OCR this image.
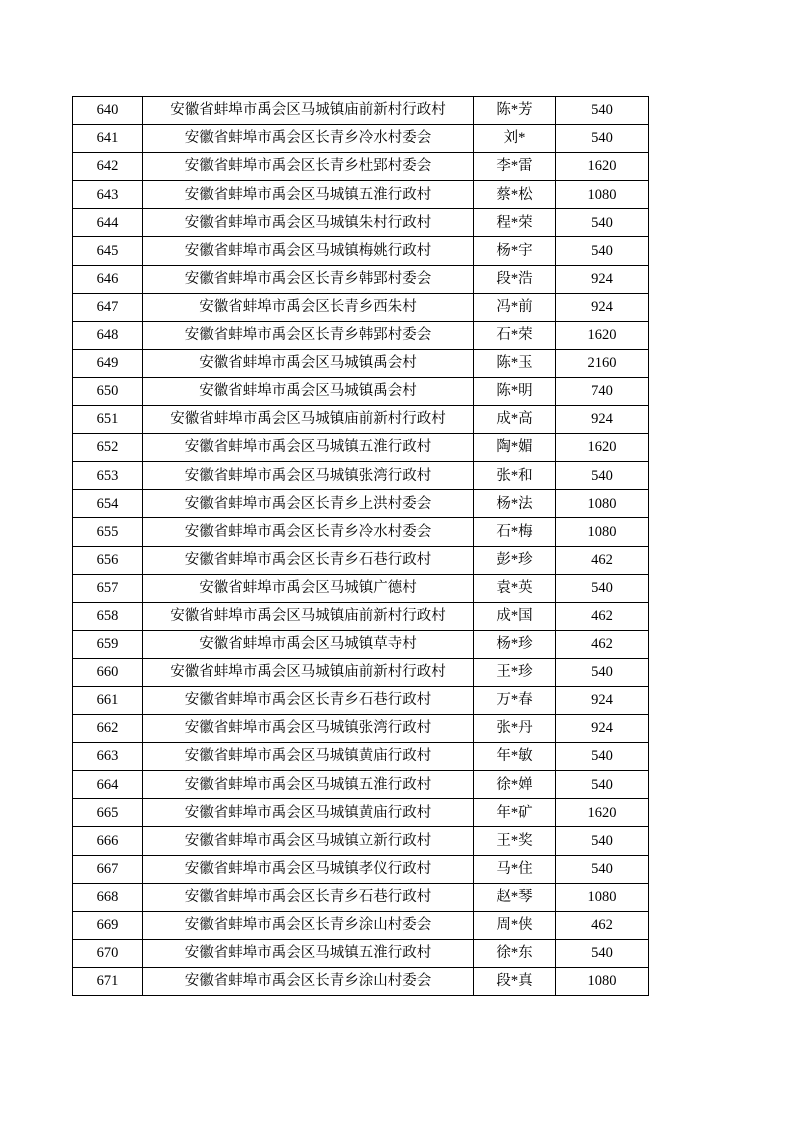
640	安徽省蚌埠市禹会区马城镇庙前新村行政村	陈*芳	540
641	安徽省蚌埠市禹会区长青乡冷水村委会	刘*	540
642	安徽省蚌埠市禹会区长青乡杜郢村委会	李*雷	1620
643	安徽省蚌埠市禹会区马城镇五淮行政村	蔡*松	1080
644	安徽省蚌埠市禹会区马城镇朱村行政村	程*荣	540
645	安徽省蚌埠市禹会区马城镇梅姚行政村	杨*宇	540
646	安徽省蚌埠市禹会区长青乡韩郢村委会	段*浩	924
647	安徽省蚌埠市禹会区长青乡西朱村	冯*前	924
648	安徽省蚌埠市禹会区长青乡韩郢村委会	石*荣	1620
649	安徽省蚌埠市禹会区马城镇禹会村	陈*玉	2160
650	安徽省蚌埠市禹会区马城镇禹会村	陈*明	740
651	安徽省蚌埠市禹会区马城镇庙前新村行政村	成*高	924
652	安徽省蚌埠市禹会区马城镇五淮行政村	陶*媚	1620
653	安徽省蚌埠市禹会区马城镇张湾行政村	张*和	540
654	安徽省蚌埠市禹会区长青乡上洪村委会	杨*法	1080
655	安徽省蚌埠市禹会区长青乡冷水村委会	石*梅	1080
656	安徽省蚌埠市禹会区长青乡石巷行政村	彭*珍	462
657	安徽省蚌埠市禹会区马城镇广德村	袁*英	540
658	安徽省蚌埠市禹会区马城镇庙前新村行政村	成*国	462
659	安徽省蚌埠市禹会区马城镇草寺村	杨*珍	462
660	安徽省蚌埠市禹会区马城镇庙前新村行政村	王*珍	540
661	安徽省蚌埠市禹会区长青乡石巷行政村	万*春	924
662	安徽省蚌埠市禹会区马城镇张湾行政村	张*丹	924
663	安徽省蚌埠市禹会区马城镇黄庙行政村	年*敏	540
664	安徽省蚌埠市禹会区马城镇五淮行政村	徐*婵	540
665	安徽省蚌埠市禹会区马城镇黄庙行政村	年*矿	1620
666	安徽省蚌埠市禹会区马城镇立新行政村	王*奖	540
667	安徽省蚌埠市禹会区马城镇孝仪行政村	马*住	540
668	安徽省蚌埠市禹会区长青乡石巷行政村	赵*琴	1080
669	安徽省蚌埠市禹会区长青乡涂山村委会	周*侠	462
670	安徽省蚌埠市禹会区马城镇五淮行政村	徐*东	540
671	安徽省蚌埠市禹会区长青乡涂山村委会	段*真	1080
